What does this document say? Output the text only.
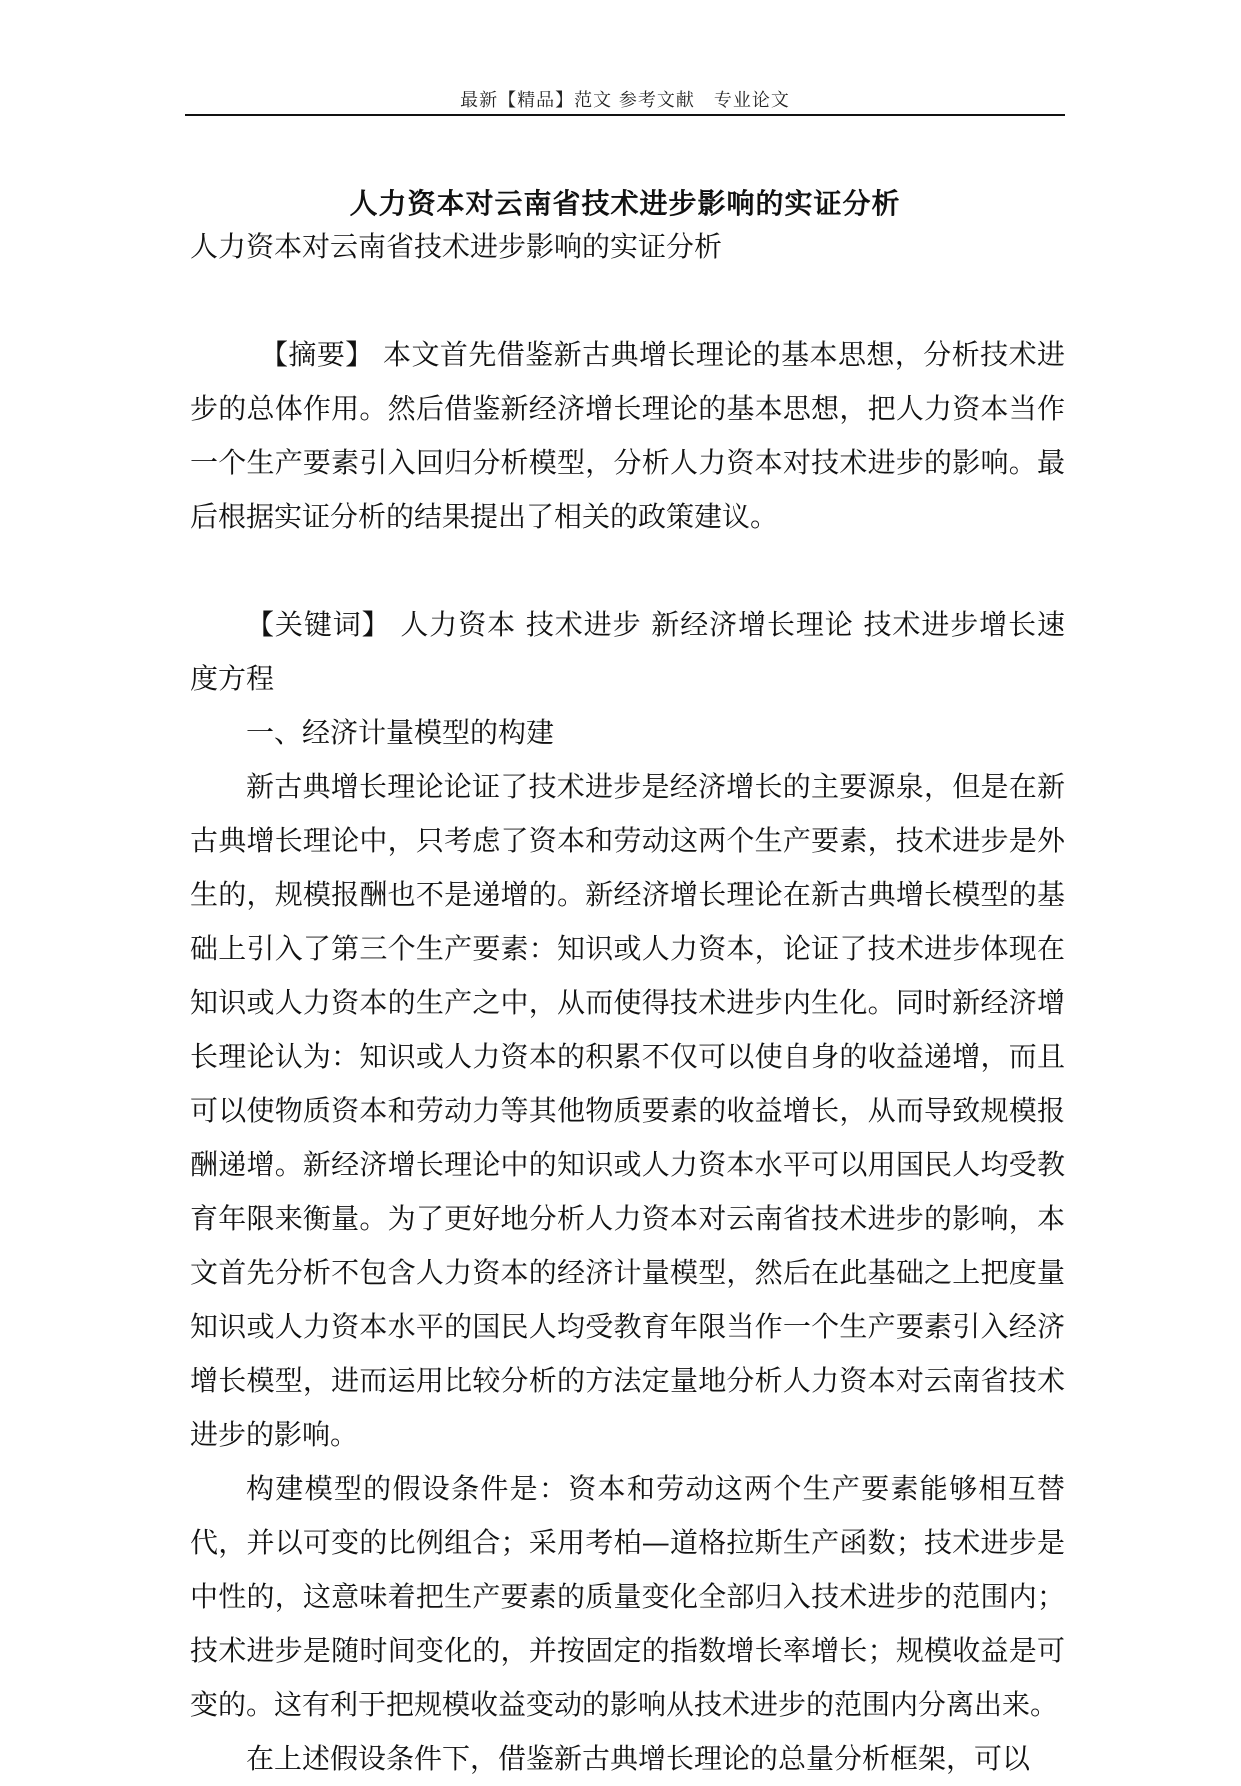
最新【精品】范文 参考文献　专业论文
人力资本对云南省技术进步影响的实证分析

人力资本对云南省技术进步影响的实证分析

【摘要】 本文首先借鉴新古典增长理论的基本思想，分析技术进步的总体作用。然后借鉴新经济增长理论的基本思想，把人力资本当作一个生产要素引入回归分析模型，分析人力资本对技术进步的影响。最后根据实证分析的结果提出了相关的政策建议。

【关键词】 人力资本 技术进步 新经济增长理论 技术进步增长速度方程

一、经济计量模型的构建

新古典增长理论论证了技术进步是经济增长的主要源泉，但是在新古典增长理论中，只考虑了资本和劳动这两个生产要素，技术进步是外生的，规模报酬也不是递增的。新经济增长理论在新古典增长模型的基础上引入了第三个生产要素：知识或人力资本，论证了技术进步体现在知识或人力资本的生产之中，从而使得技术进步内生化。同时新经济增长理论认为：知识或人力资本的积累不仅可以使自身的收益递增，而且可以使物质资本和劳动力等其他物质要素的收益增长，从而导致规模报酬递增。新经济增长理论中的知识或人力资本水平可以用国民人均受教育年限来衡量。为了更好地分析人力资本对云南省技术进步的影响，本文首先分析不包含人力资本的经济计量模型，然后在此基础之上把度量知识或人力资本水平的国民人均受教育年限当作一个生产要素引入经济增长模型，进而运用比较分析的方法定量地分析人力资本对云南省技术进步的影响。

构建模型的假设条件是：资本和劳动这两个生产要素能够相互替代，并以可变的比例组合；采用考柏—道格拉斯生产函数；技术进步是中性的，这意味着把生产要素的质量变化全部归入技术进步的范围内；技术进步是随时间变化的，并按固定的指数增长率增长；规模收益是可变的。这有利于把规模收益变动的影响从技术进步的范围内分离出来。

在上述假设条件下，借鉴新古典增长理论的总量分析框架，可以
